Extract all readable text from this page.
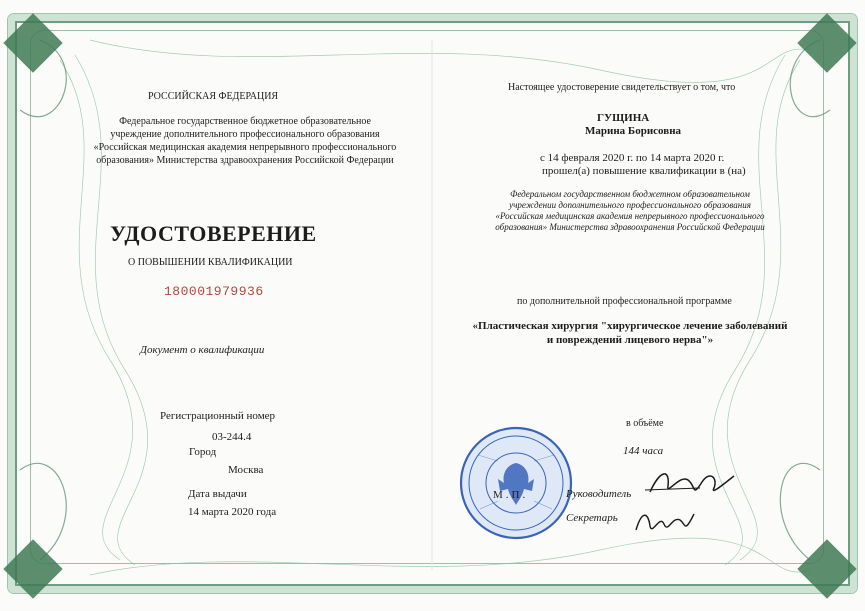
РОССИЙСКАЯ ФЕДЕРАЦИЯ
Федеральное государственное бюджетное образовательное
учреждение дополнительного профессионального образования
«Российская медицинская академия непрерывного профессионального
образования» Министерства здравоохранения Российской Федерации
УДОСТОВЕРЕНИЕ
О ПОВЫШЕНИИ КВАЛИФИКАЦИИ
180001979936
Документ о квалификации
Регистрационный номер
03-244.4
Город
Москва
Дата выдачи
14 марта 2020 года
Настоящее удостоверение свидетельствует о том, что
ГУЩИНА
Марина Борисовна
с 14 февраля 2020 г. по 14 марта 2020 г.
прошел(а) повышение квалификации в (на)
Федеральном государственном бюджетном образовательном
учреждении дополнительного профессионального образования
«Российская медицинская академия непрерывного профессионального
образования» Министерства здравоохранения Российской Федерации
по дополнительной профессиональной программе
«Пластическая хирургия "хирургическое лечение заболеваний
и повреждений лицевого нерва"»
в объёме
144 часа
М.П.	Руководитель
Секретарь
